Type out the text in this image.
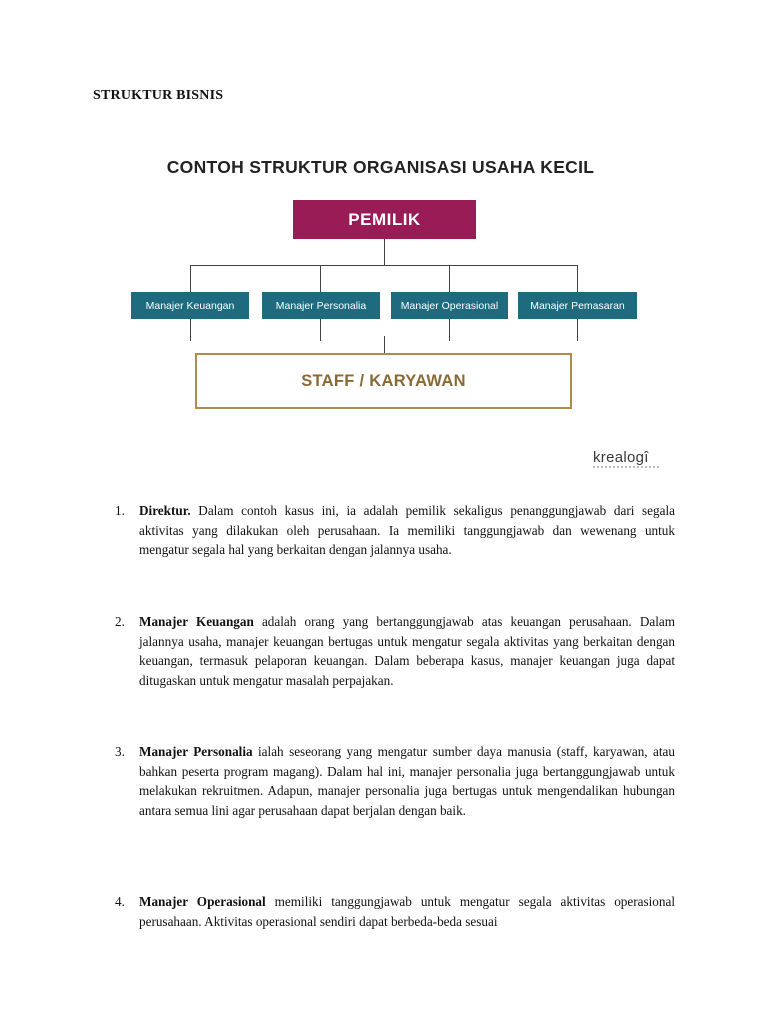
STRUKTUR BISNIS
CONTOH STRUKTUR ORGANISASI USAHA KECIL
PEMILIK
Manajer Keuangan	Manajer Personalia	Manajer Operasional	Manajer Pemasaran
STAFF / KARYAWAN
krealogî
1. Direktur. Dalam contoh kasus ini, ia adalah pemilik sekaligus penanggungjawab dari segala aktivitas yang dilakukan oleh perusahaan. Ia memiliki tanggungjawab dan wewenang untuk mengatur segala hal yang berkaitan dengan jalannya usaha.
2. Manajer Keuangan adalah orang yang bertanggungjawab atas keuangan perusahaan. Dalam jalannya usaha, manajer keuangan bertugas untuk mengatur segala aktivitas yang berkaitan dengan keuangan, termasuk pelaporan keuangan. Dalam beberapa kasus, manajer keuangan juga dapat ditugaskan untuk mengatur masalah perpajakan.
3. Manajer Personalia ialah seseorang yang mengatur sumber daya manusia (staff, karyawan, atau bahkan peserta program magang). Dalam hal ini, manajer personalia juga bertanggungjawab untuk melakukan rekruitmen. Adapun, manajer personalia juga bertugas untuk mengendalikan hubungan antara semua lini agar perusahaan dapat berjalan dengan baik.
4. Manajer Operasional memiliki tanggungjawab untuk mengatur segala aktivitas operasional perusahaan. Aktivitas operasional sendiri dapat berbeda-beda sesuai
